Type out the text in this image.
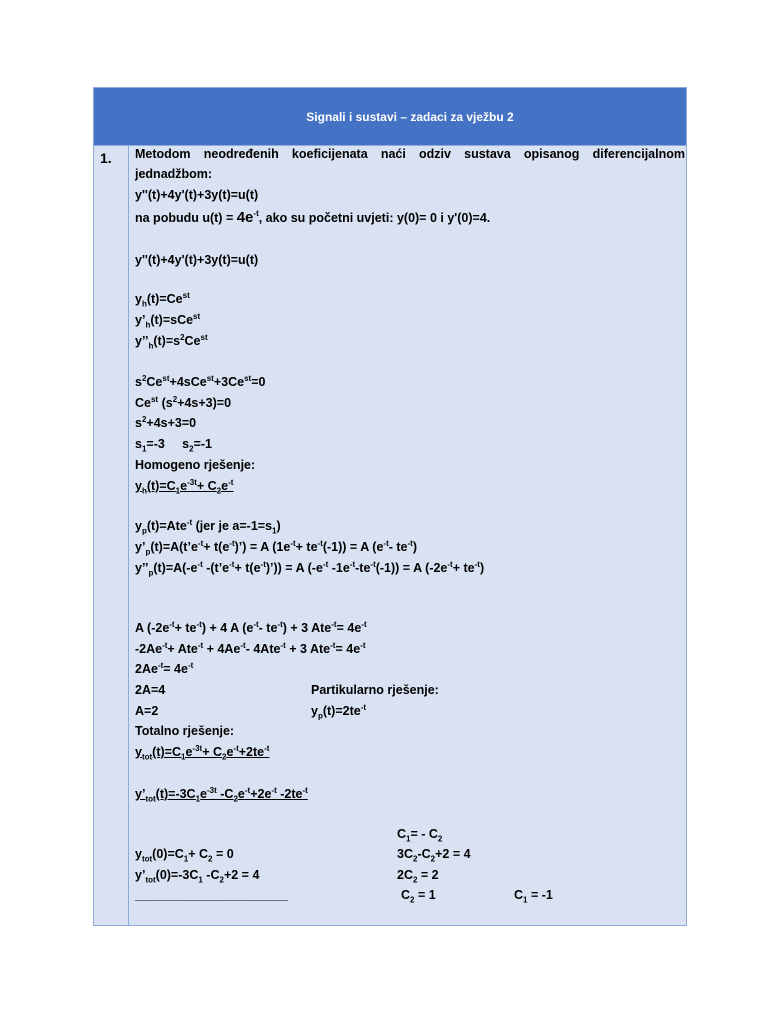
Signali i sustavi – zadaci za vježbu 2
1. Metodom neodređenih koeficijenata naći odziv sustava opisanog diferencijalnom
jednadžbom:
y''(t)+4y'(t)+3y(t)=u(t)
na pobudu $u(t) = 4e^{-t}$, ako su početni uvjeti: y(0)= 0 i y'(0)=4.
y''(t)+4y'(t)+3y(t)=u(t)
$y_h(t)=Ce^{st}$
$y’_h(t)=sCe^{st}$
$y’’_h(t)=s^2Ce^{st}$
$s^2Ce^{st}+4sCe^{st}+3Ce^{st}=0$
$Ce^{st}$ $(s^2+4s+3)=0$
$s^2+4s+3=0$
$s_1=-3$     $s_2=-1$
Homogeno rješenje:
$y_h(t)=C_1e^{-3t}+ C_2e^{-t}$
$y_p(t)=Ate^{-t}$ (jer je $a=-1=s_1$)
$y’_p(t)=A(t’e^{-t}+$ $t(e^{-t})’) = A$ $(1e^{-t}+ te^{-t}(-1)) = A$ ($e^{-t}-$ $te^{-t}$)
$y’’_p(t)=A(-e^{-t}$ $-(t’e^{-t}+$ $t(e^{-t})’)) = A$ ($-e^{-t}$ $-1e^{-t}-te^{-t}(-1)) = A$ $(-2e^{-t}+ te^{-t})$
A $(-2e^{-t}+ te^{-t}) + 4$ A ($e^{-t}-$ $te^{-t}) + 3$ $Ate^{-t}= 4e^{-t}$
$-2Ae^{-t}+ Ate^{-t} + 4Ae^{-t}-$ 4Ate$^{-t}$ + 3 $Ate^{-t}= 4e^{-t}$
$2Ae^{-t}= 4e^{-t}$
2A=4	Partikularno rješenje:
A=2	$y_p(t)=2te^{-t}$
Totalno rješenje:
$y_{tot}(t)=C_1e^{-3t}+ C_2e^{-t}+2te^{-t}$
$y’_{tot}(t)=-3C_1e^{-3t}$ $-C_2e^{-t}+2e^{-t}$ $-2te^{-t}$
$C_1= - C_2$
$y_{tot}(0)=C_1+ C_2 = 0$	$3C_2-C_2+2 = 4$
$y’_{tot}(0)=-3C_1$ $-C_2+2 = 4$	$2C_2 = 2$
______________________	$C_2 = 1$	$C_1 = -1$
